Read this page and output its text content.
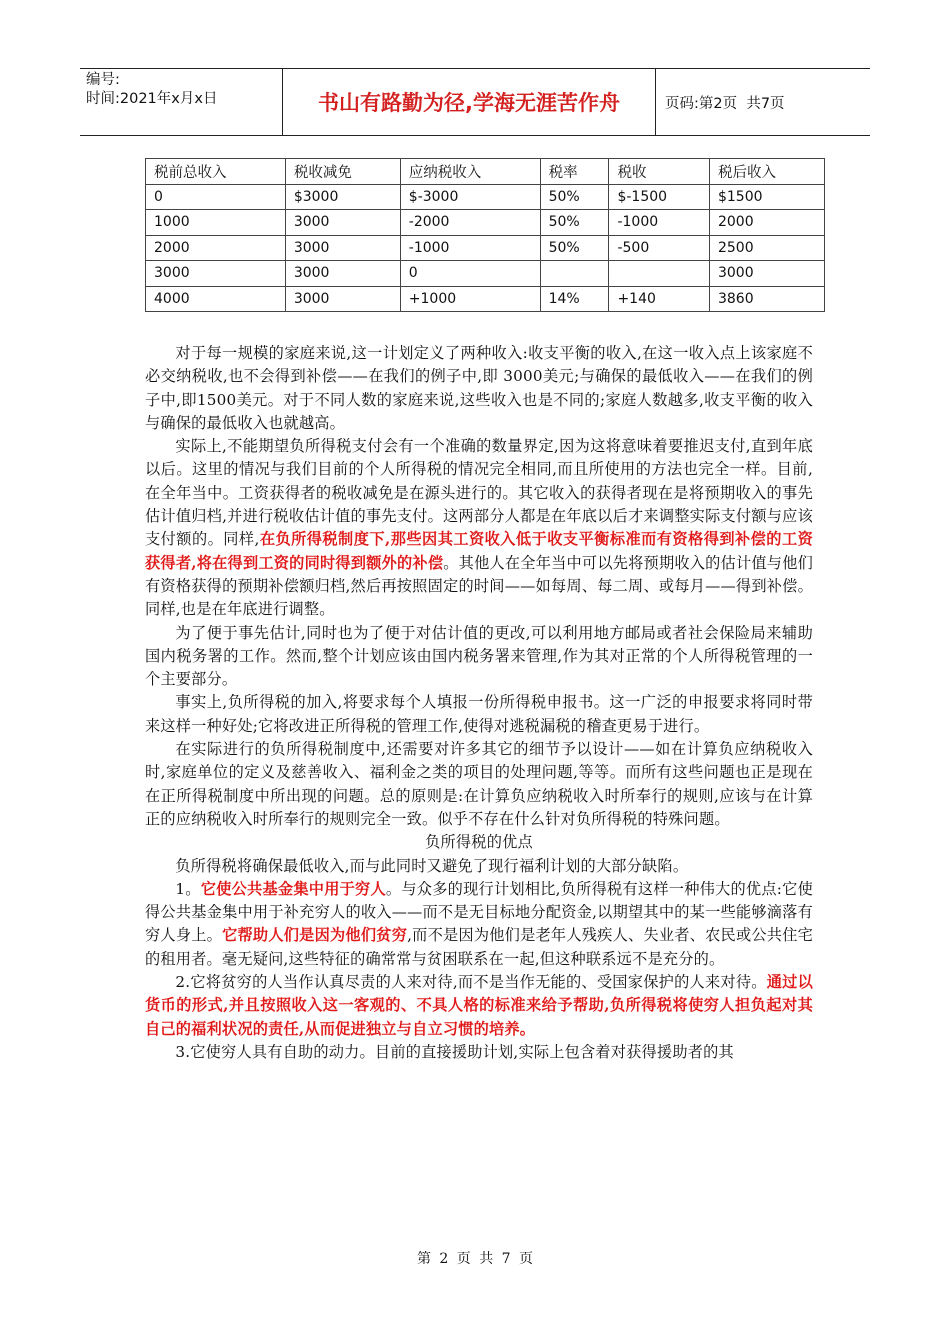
编号:
时间:2021年x月x日	书山有路勤为径,学海无涯苦作舟	页码:第2页  共7页
税前总收入	税收减免	应纳税收入	税率	税收	税后收入
0	$3000	$-3000	50%	$-1500	$1500
1000	3000	-2000	50%	-1000	2000
2000	3000	-1000	50%	-500	2500
3000	3000	0			3000
4000	3000	+1000	14%	+140	3860

对于每一规模的家庭来说,这一计划定义了两种收入:收支平衡的收入,在这一收入点上该家庭不必交纳税收,也不会得到补偿——在我们的例子中,即 3000美元;与确保的最低收入——在我们的例子中,即1500美元。对于不同人数的家庭来说,这些收入也是不同的;家庭人数越多,收支平衡的收入与确保的最低收入也就越高。

实际上,不能期望负所得税支付会有一个准确的数量界定,因为这将意味着要推迟支付,直到年底以后。这里的情况与我们目前的个人所得税的情况完全相同,而且所使用的方法也完全一样。目前,在全年当中。工资获得者的税收减免是在源头进行的。其它收入的获得者现在是将预期收入的事先估计值归档,并进行税收估计值的事先支付。这两部分人都是在年底以后才来调整实际支付额与应该支付额的。同样,在负所得税制度下,那些因其工资收入低于收支平衡标准而有资格得到补偿的工资获得者,将在得到工资的同时得到额外的补偿。其他人在全年当中可以先将预期收入的估计值与他们有资格获得的预期补偿额归档,然后再按照固定的时间——如每周、每二周、或每月——得到补偿。同样,也是在年底进行调整。

为了便于事先估计,同时也为了便于对估计值的更改,可以利用地方邮局或者社会保险局来辅助国内税务署的工作。然而,整个计划应该由国内税务署来管理,作为其对正常的个人所得税管理的一个主要部分。

事实上,负所得税的加入,将要求每个人填报一份所得税申报书。这一广泛的申报要求将同时带来这样一种好处;它将改进正所得税的管理工作,使得对逃税漏税的稽查更易于进行。

在实际进行的负所得税制度中,还需要对许多其它的细节予以设计——如在计算负应纳税收入时,家庭单位的定义及慈善收入、福利金之类的项目的处理问题,等等。而所有这些问题也正是现在在正所得税制度中所出现的问题。总的原则是:在计算负应纳税收入时所奉行的规则,应该与在计算正的应纳税收入时所奉行的规则完全一致。似乎不存在什么针对负所得税的特殊问题。

负所得税的优点

负所得税将确保最低收入,而与此同时又避免了现行福利计划的大部分缺陷。

1。它使公共基金集中用于穷人。与众多的现行计划相比,负所得税有这样一种伟大的优点:它使得公共基金集中用于补充穷人的收入——而不是无目标地分配资金,以期望其中的某一些能够滴落有穷人身上。它帮助人们是因为他们贫穷,而不是因为他们是老年人残疾人、失业者、农民或公共住宅的租用者。毫无疑问,这些特征的确常常与贫困联系在一起,但这种联系远不是充分的。

2.它将贫穷的人当作认真尽责的人来对待,而不是当作无能的、受国家保护的人来对待。通过以货币的形式,并且按照收入这一客观的、不具人格的标准来给予帮助,负所得税将使穷人担负起对其自己的福利状况的责任,从而促进独立与自立习惯的培养。

3.它使穷人具有自助的动力。目前的直接援助计划,实际上包含着对获得援助者的其

第 2 页 共 7 页
